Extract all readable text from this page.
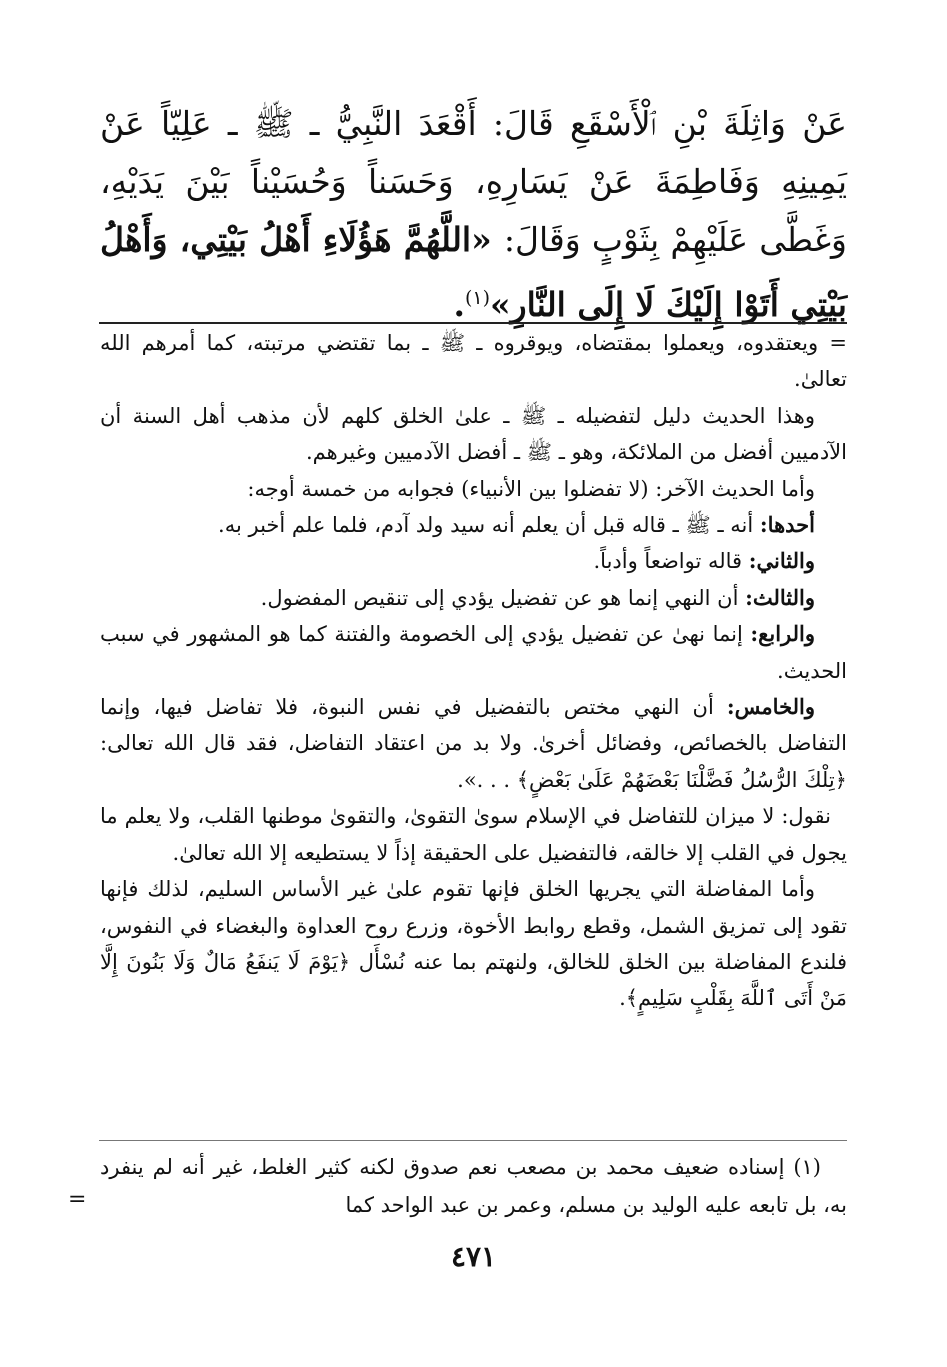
عَنْ وَاثِلَةَ بْنِ ٱلْأَسْقَعِ قَالَ: أَقْعَدَ النَّبِيُّ ـ ﷺ ـ عَلِيّاً عَنْ يَمِينِهِ وَفَاطِمَةَ عَنْ يَسَارِهِ، وَحَسَناً وَحُسَيْناً بَيْنَ يَدَيْهِ، وَغَطَّى عَلَيْهِمْ بِثَوْبٍ وَقَالَ: «اللَّهُمَّ هَؤُلَاءِ أَهْلُ بَيْتِي، وَأَهْلُ بَيْتِي أَتَوْا إِلَيْكَ لَا إِلَى النَّارِ»$^{(١)}$.

= ويعتقدوه، ويعملوا بمقتضاه، ويوقروه ـ ﷺ ـ بما تقتضي مرتبته، كما أمرهم الله تعالىٰ.

وهذا الحديث دليل لتفضيله ـ ﷺ ـ علىٰ الخلق كلهم لأن مذهب أهل السنة أن الآدميين أفضل من الملائكة، وهو ـ ﷺ ـ أفضل الآدميين وغيرهم.

وأما الحديث الآخر: (لا تفضلوا بين الأنبياء) فجوابه من خمسة أوجه:

أحدها: أنه ـ ﷺ ـ قاله قبل أن يعلم أنه سيد ولد آدم، فلما علم أخبر به.

والثاني: قاله تواضعاً وأدباً.

والثالث: أن النهي إنما هو عن تفضيل يؤدي إلى تنقيص المفضول.

والرابع: إنما نهىٰ عن تفضيل يؤدي إلى الخصومة والفتنة كما هو المشهور في سبب الحديث.

والخامس: أن النهي مختص بالتفضيل في نفس النبوة، فلا تفاضل فيها، وإنما التفاضل بالخصائص، وفضائل أخرىٰ. ولا بد من اعتقاد التفاضل، فقد قال الله تعالى: ﴿تِلْكَ الرُّسُلُ فَضَّلْنَا بَعْضَهُمْ عَلَىٰ بَعْضٍ﴾ . . .».

نقول: لا ميزان للتفاضل في الإسلام سوىٰ التقوىٰ، والتقوىٰ موطنها القلب، ولا يعلم ما يجول في القلب إلا خالقه، فالتفضيل على الحقيقة إذاً لا يستطيعه إلا الله تعالىٰ.

وأما المفاضلة التي يجريها الخلق فإنها تقوم علىٰ غير الأساس السليم، لذلك فإنها تقود إلى تمزيق الشمل، وقطع روابط الأخوة، وزرع روح العداوة والبغضاء في النفوس، فلندع المفاضلة بين الخلق للخالق، ولنهتم بما عنه نُسْأَل ﴿يَوْمَ لَا يَنفَعُ مَالٌ وَلَا بَنُونَ إِلَّا مَنْ أَتَى ٱللَّهَ بِقَلْبٍ سَلِيمٍ﴾.

(١) إسناده ضعيف محمد بن مصعب نعم صدوق لكنه كثير الغلط، غير أنه لم ينفرد به، بل تابعه عليه الوليد بن مسلم، وعمر بن عبد الواحد كما

=
٤٧١
